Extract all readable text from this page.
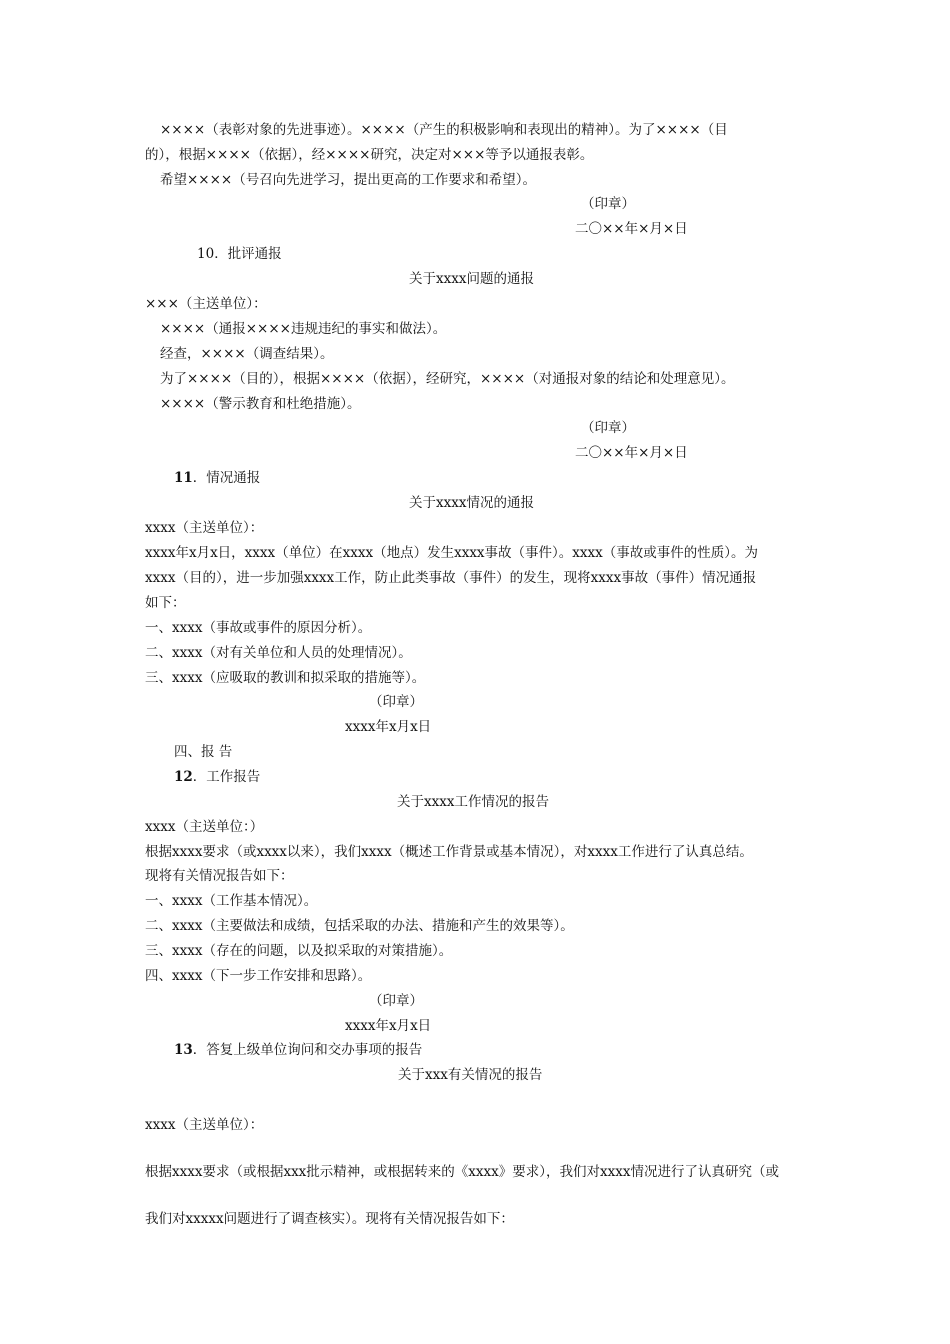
××××（表彰对象的先进事迹）。××××（产生的积极影响和表现出的精神）。为了××××（目
的），根据××××（依据），经××××研究，决定对×××等予以通报表彰。
希望××××（号召向先进学习，提出更高的工作要求和希望）。
（印章）
二〇××年×月×日
10．批评通报
关于xxxx问题的通报
×××（主送单位）：
××××（通报××××违规违纪的事实和做法）。
经查，××××（调查结果）。
为了××××（目的），根据××××（依据），经研究，××××（对通报对象的结论和处理意见）。
××××（警示教育和杜绝措施）。
（印章）
二〇××年×月×日
11．情况通报
关于xxxx情况的通报
xxxx（主送单位）：
xxxx年x月x日，xxxx（单位）在xxxx（地点）发生xxxx事故（事件）。xxxx（事故或事件的性质）。为
xxxx（目的），进一步加强xxxx工作，防止此类事故（事件）的发生，现将xxxx事故（事件）情况通报
如下：
一、xxxx（事故或事件的原因分析）。
二、xxxx（对有关单位和人员的处理情况）。
三、xxxx（应吸取的教训和拟采取的措施等）。
（印章）
xxxx年x月x日
四、报 告
12．工作报告
关于xxxx工作情况的报告
xxxx（主送单位：）
根据xxxx要求（或xxxx以来），我们xxxx（概述工作背景或基本情况），对xxxx工作进行了认真总结。
现将有关情况报告如下：
一、xxxx（工作基本情况）。
二、xxxx（主要做法和成绩，包括采取的办法、措施和产生的效果等）。
三、xxxx（存在的问题，以及拟采取的对策措施）。
四、xxxx（下一步工作安排和思路）。
（印章）
xxxx年x月x日
13．答复上级单位询问和交办事项的报告
关于xxx有关情况的报告
xxxx（主送单位）：
根据xxxx要求（或根据xxx批示精神，或根据转来的《xxxx》要求），我们对xxxx情况进行了认真研究（或
我们对xxxxx问题进行了调查核实）。现将有关情况报告如下：
